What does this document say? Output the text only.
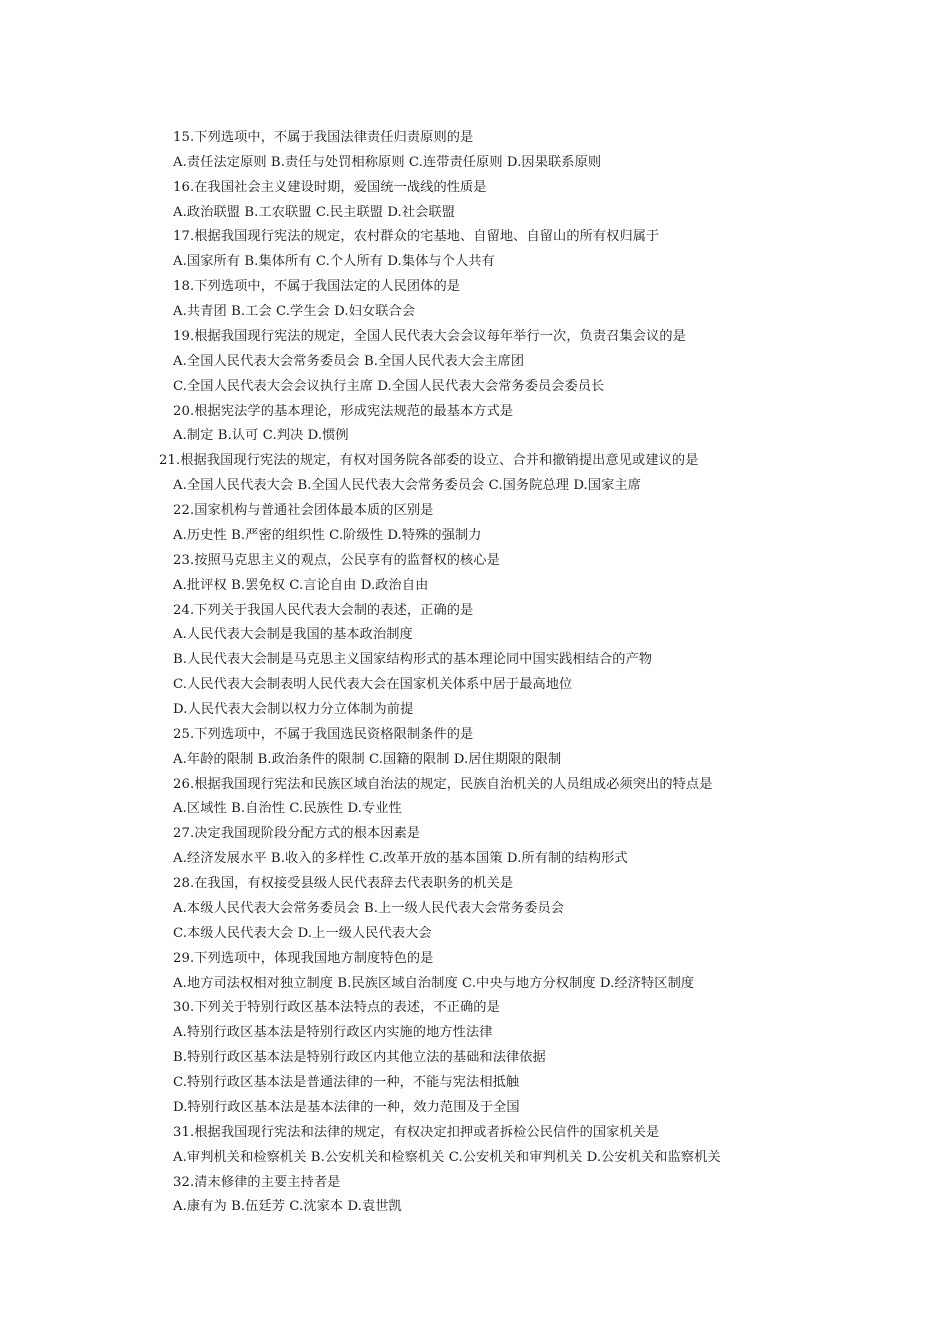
15.下列选项中，不属于我国法律责任归责原则的是
A.责任法定原则 B.责任与处罚相称原则 C.连带责任原则 D.因果联系原则
16.在我国社会主义建设时期，爱国统一战线的性质是
A.政治联盟 B.工农联盟 C.民主联盟 D.社会联盟
17.根据我国现行宪法的规定，农村群众的宅基地、自留地、自留山的所有权归属于
A.国家所有 B.集体所有 C.个人所有 D.集体与个人共有
18.下列选项中，不属于我国法定的人民团体的是
A.共青团 B.工会 C.学生会 D.妇女联合会
19.根据我国现行宪法的规定，全国人民代表大会会议每年举行一次，负责召集会议的是
A.全国人民代表大会常务委员会 B.全国人民代表大会主席团
C.全国人民代表大会会议执行主席 D.全国人民代表大会常务委员会委员长
20.根据宪法学的基本理论，形成宪法规范的最基本方式是
A.制定 B.认可 C.判决 D.惯例
21.根据我国现行宪法的规定，有权对国务院各部委的设立、合并和撤销提出意见或建议的是
A.全国人民代表大会 B.全国人民代表大会常务委员会 C.国务院总理 D.国家主席
22.国家机构与普通社会团体最本质的区别是
A.历史性 B.严密的组织性 C.阶级性 D.特殊的强制力
23.按照马克思主义的观点，公民享有的监督权的核心是
A.批评权 B.罢免权 C.言论自由 D.政治自由
24.下列关于我国人民代表大会制的表述，正确的是
A.人民代表大会制是我国的基本政治制度
B.人民代表大会制是马克思主义国家结构形式的基本理论同中国实践相结合的产物
C.人民代表大会制表明人民代表大会在国家机关体系中居于最高地位
D.人民代表大会制以权力分立体制为前提
25.下列选项中，不属于我国选民资格限制条件的是
A.年龄的限制 B.政治条件的限制 C.国籍的限制 D.居住期限的限制
26.根据我国现行宪法和民族区域自治法的规定，民族自治机关的人员组成必须突出的特点是
A.区域性 B.自治性 C.民族性 D.专业性
27.决定我国现阶段分配方式的根本因素是
A.经济发展水平 B.收入的多样性 C.改革开放的基本国策 D.所有制的结构形式
28.在我国，有权接受县级人民代表辞去代表职务的机关是
A.本级人民代表大会常务委员会 B.上一级人民代表大会常务委员会
C.本级人民代表大会 D.上一级人民代表大会
29.下列选项中，体现我国地方制度特色的是
A.地方司法权相对独立制度 B.民族区域自治制度 C.中央与地方分权制度 D.经济特区制度
30.下列关于特别行政区基本法特点的表述，不正确的是
A.特别行政区基本法是特别行政区内实施的地方性法律
B.特别行政区基本法是特别行政区内其他立法的基础和法律依据
C.特别行政区基本法是普通法律的一种，不能与宪法相抵触
D.特别行政区基本法是基本法律的一种，效力范围及于全国
31.根据我国现行宪法和法律的规定，有权决定扣押或者拆检公民信件的国家机关是
A.审判机关和检察机关 B.公安机关和检察机关 C.公安机关和审判机关 D.公安机关和监察机关
32.清末修律的主要主持者是
A.康有为 B.伍廷芳 C.沈家本 D.袁世凯
